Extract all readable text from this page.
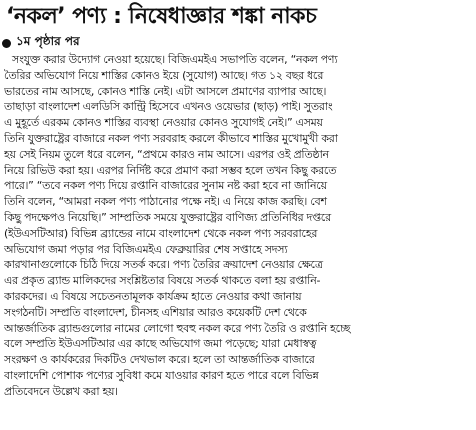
‘নকল’ পণ্য : নিষেধাজ্ঞার শঙ্কা নাকচ
১ম পৃষ্ঠার পর
সংযুক্ত করার উদ্যোগ নেওয়া হয়েছে। বিজিএমইএ সভাপতি বলেন, “নকল পণ্য
তৈরির অভিযোগ নিয়ে শাস্তির কোনও ইয়ে (সুযোগ) আছে। গত ১২ বছর ধরে
ভারতের নাম আসছে, কোনও শাস্তি নেই। এটা আসলে প্রমাণের ব্যাপার আছে।
তাছাড়া বাংলাদেশ এলডিসি কান্ট্রি হিসেবে এখনও ওয়েভার (ছাড়) পাই। সুতরাং
এ মুহূর্তে এরকম কোনও শাস্তির ব্যবস্থা নেওয়ার কোনও সুযোগই নেই।” এসময়
তিনি যুক্তরাষ্ট্রের বাজারে নকল পণ্য সরবরাহ করলে কীভাবে শাস্তির মুখোমুখী করা
হয় সেই নিয়ম তুলে ধরে বলেন, “প্রথমে কারও নাম আসে। এরপর ওই প্রতিষ্ঠান
নিয়ে রিভিউ করা হয়। এরপর নির্দিষ্ট করে প্রমাণ করা সম্ভব হলে তখন কিছু করতে
পারে।” “তবে নকল পণ্য দিয়ে রপ্তানি বাজারের সুনাম নষ্ট করা হবে না জানিয়ে
তিনি বলেন, “আমরা নকল পণ্য পাঠানোর পক্ষে নই। এ নিয়ে কাজ করছি। বেশ
কিছু পদক্ষেপও নিয়েছি।” সাম্প্রতিক সময়ে যুক্তরাষ্ট্রের বাণিজ্য প্রতিনিধির দপ্তরে
(ইউএসটিআর) বিভিন্ন ব্র্যান্ডের নামে বাংলাদেশ থেকে নকল পণ্য সরবরাহের
অভিযোগ জমা পড়ার পর বিজিএমইএ ফেব্রুয়ারির শেষ সপ্তাহে সদস্য
কারখানাগুলোকে চিঠি দিয়ে সতর্ক করে। পণ্য তৈরির ক্রয়াদেশ নেওয়ার ক্ষেত্রে
এর প্রকৃত ব্র্যান্ড মালিকদের সংশ্লিষ্টতার বিষয়ে সতর্ক থাকতে বলা হয় রপ্তানি-
কারকদের। এ বিষয়ে সচেতনতামূলক কার্যক্রম হাতে নেওয়ার কথা জানায়
সংগঠনটি। সম্প্রতি বাংলাদেশ, চীনসহ এশিয়ার আরও কয়েকটি দেশ থেকে
আন্তর্জাতিক ব্র্যান্ডগুলোর নামের লোগো হুবহু নকল করে পণ্য তৈরি ও রপ্তানি হচ্ছে
বলে সম্প্রতি ইউএসটিআর এর কাছে অভিযোগ জমা পড়েছে; যারা মেধাস্বত্ব
সংরক্ষণ ও কার্যকরের দিকটিও দেখভাল করে। হলে তা আন্তর্জাতিক বাজারে
বাংলাদেশি পোশাক পণ্যের সুবিধা কমে যাওয়ার কারণ হতে পারে বলে বিভিন্ন
প্রতিবেদনে উল্লেখ করা হয়।
